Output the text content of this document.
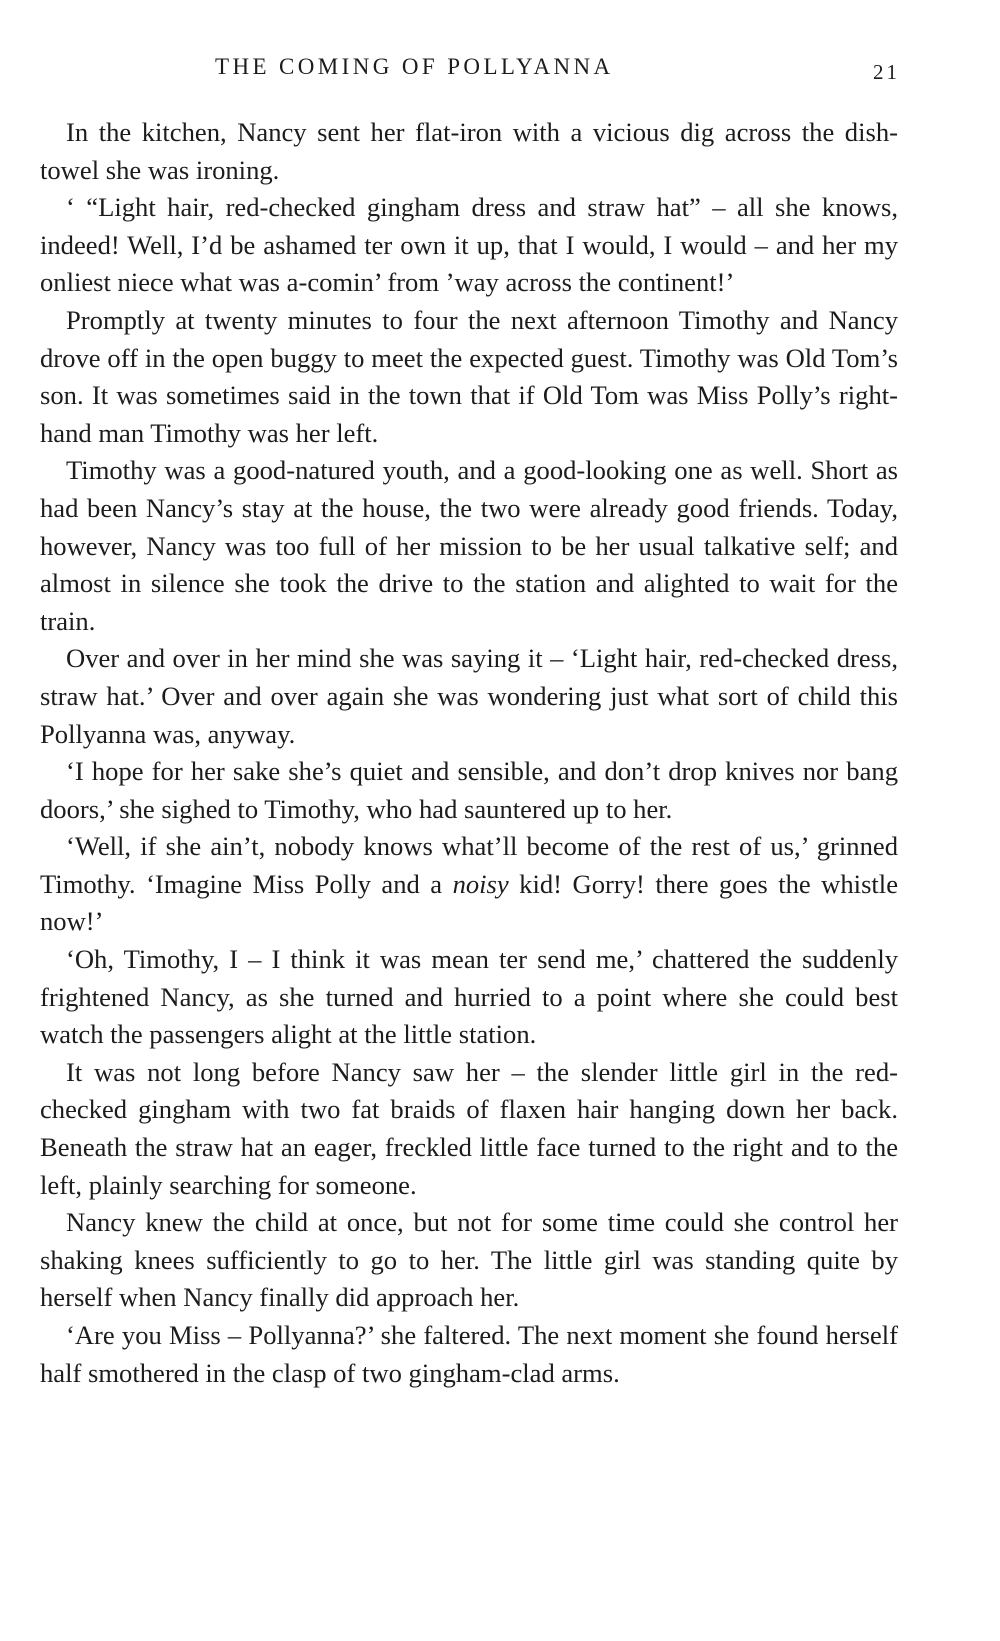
THE COMING OF POLLYANNA	21

In the kitchen, Nancy sent her flat-iron with a vicious dig across the dish-towel she was ironing.

‘ “Light hair, red-checked gingham dress and straw hat” – all she knows, indeed! Well, I’d be ashamed ter own it up, that I would, I would – and her my onliest niece what was a-comin’ from ’way across the continent!’

Promptly at twenty minutes to four the next afternoon Timothy and Nancy drove off in the open buggy to meet the expected guest. Timothy was Old Tom’s son. It was sometimes said in the town that if Old Tom was Miss Polly’s right-hand man Timothy was her left.

Timothy was a good-natured youth, and a good-looking one as well. Short as had been Nancy’s stay at the house, the two were already good friends. Today, however, Nancy was too full of her mission to be her usual talkative self; and almost in silence she took the drive to the station and alighted to wait for the train.

Over and over in her mind she was saying it – ‘Light hair, red-checked dress, straw hat.’ Over and over again she was wondering just what sort of child this Pollyanna was, anyway.

‘I hope for her sake she’s quiet and sensible, and don’t drop knives nor bang doors,’ she sighed to Timothy, who had sauntered up to her.

‘Well, if she ain’t, nobody knows what’ll become of the rest of us,’ grinned Timothy. ‘Imagine Miss Polly and a noisy kid! Gorry! there goes the whistle now!’

‘Oh, Timothy, I – I think it was mean ter send me,’ chattered the suddenly frightened Nancy, as she turned and hurried to a point where she could best watch the passengers alight at the little station.

It was not long before Nancy saw her – the slender little girl in the red-checked gingham with two fat braids of flaxen hair hanging down her back. Beneath the straw hat an eager, freckled little face turned to the right and to the left, plainly searching for someone.

Nancy knew the child at once, but not for some time could she control her shaking knees sufficiently to go to her. The little girl was standing quite by herself when Nancy finally did approach her.

‘Are you Miss – Pollyanna?’ she faltered. The next moment she found herself half smothered in the clasp of two gingham-clad arms.
